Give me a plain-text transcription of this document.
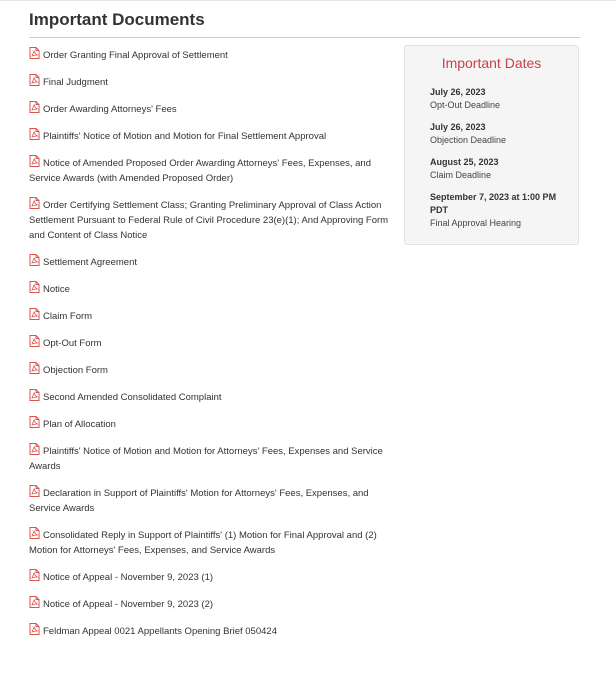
Important Documents
Order Granting Final Approval of Settlement
Final Judgment
Order Awarding Attorneys' Fees
Plaintiffs' Notice of Motion and Motion for Final Settlement Approval
Notice of Amended Proposed Order Awarding Attorneys' Fees, Expenses, and Service Awards (with Amended Proposed Order)
Order Certifying Settlement Class; Granting Preliminary Approval of Class Action Settlement Pursuant to Federal Rule of Civil Procedure 23(e)(1); And Approving Form and Content of Class Notice
Settlement Agreement
Notice
Claim Form
Opt-Out Form
Objection Form
Second Amended Consolidated Complaint
Plan of Allocation
Plaintiffs' Notice of Motion and Motion for Attorneys' Fees, Expenses and Service Awards
Declaration in Support of Plaintiffs' Motion for Attorneys' Fees, Expenses, and Service Awards
Consolidated Reply in Support of Plaintiffs' (1) Motion for Final Approval and (2) Motion for Attorneys' Fees, Expenses, and Service Awards
Notice of Appeal - November 9, 2023 (1)
Notice of Appeal - November 9, 2023 (2)
Feldman Appeal 0021 Appellants Opening Brief 050424
Important Dates
July 26, 2023
Opt-Out Deadline
July 26, 2023
Objection Deadline
August 25, 2023
Claim Deadline
September 7, 2023 at 1:00 PM PDT
Final Approval Hearing
